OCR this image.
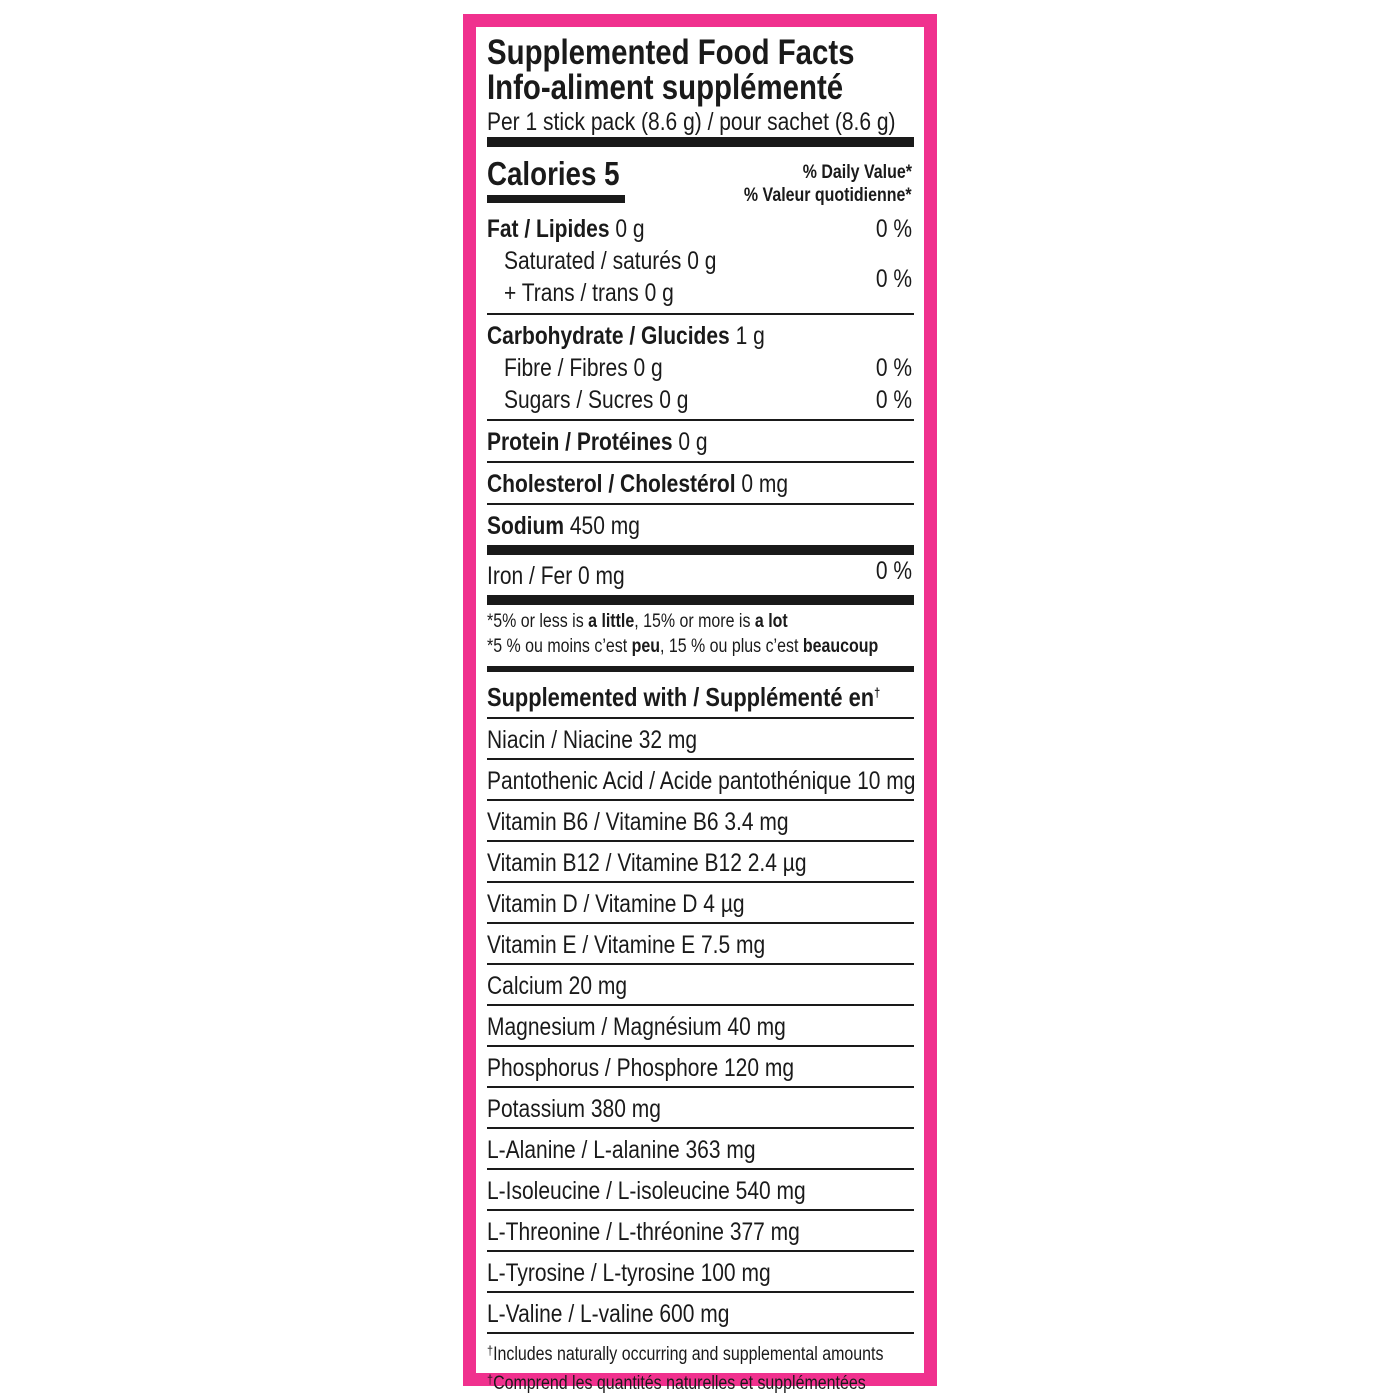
Supplemented Food Facts
Info-aliment supplémenté
Per 1 stick pack (8.6 g) / pour sachet (8.6 g)
Calories 5	% Daily Value*
% Valeur quotidienne*
Fat / Lipides 0 g	0 %
Saturated / saturés 0 g
+ Trans / trans 0 g	0 %
Carbohydrate / Glucides 1 g
Fibre / Fibres 0 g	0 %
Sugars / Sucres 0 g	0 %
Protein / Protéines 0 g
Cholesterol / Cholestérol 0 mg
Sodium 450 mg
Iron / Fer 0 mg	0 %
*5% or less is a little, 15% or more is a lot
*5 % ou moins c’est peu, 15 % ou plus c’est beaucoup
Supplemented with / Supplémenté en†
Niacin / Niacine 32 mg
Pantothenic Acid / Acide pantothénique 10 mg
Vitamin B6 / Vitamine B6 3.4 mg
Vitamin B12 / Vitamine B12 2.4 µg
Vitamin D / Vitamine D 4 µg
Vitamin E / Vitamine E 7.5 mg
Calcium 20 mg
Magnesium / Magnésium 40 mg
Phosphorus / Phosphore 120 mg
Potassium 380 mg
L-Alanine / L-alanine 363 mg
L-Isoleucine / L-isoleucine 540 mg
L-Threonine / L-thréonine 377 mg
L-Tyrosine / L-tyrosine 100 mg
L-Valine / L-valine 600 mg
†Includes naturally occurring and supplemental amounts
†Comprend les quantités naturelles et supplémentées
